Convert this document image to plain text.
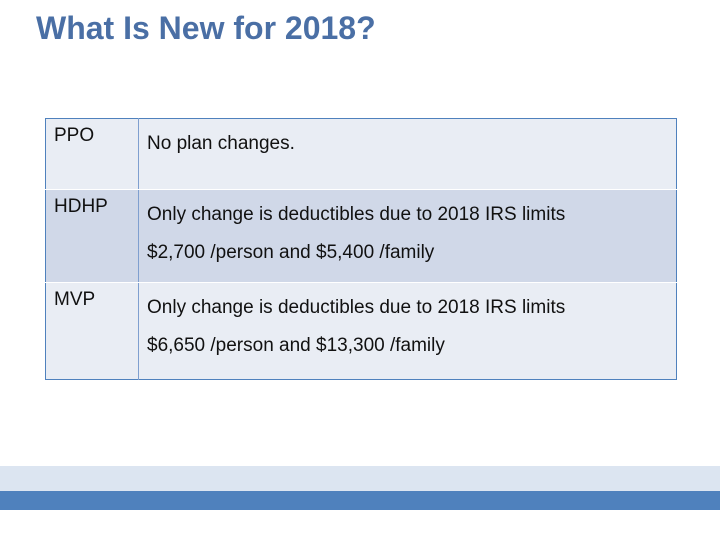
What Is New for 2018?
PPO	No plan changes.

HDHP	Only change is deductibles due to 2018 IRS limits
$2,700 /person and $5,400 /family

MVP	Only change is deductibles due to 2018 IRS limits
$6,650 /person and $13,300 /family
